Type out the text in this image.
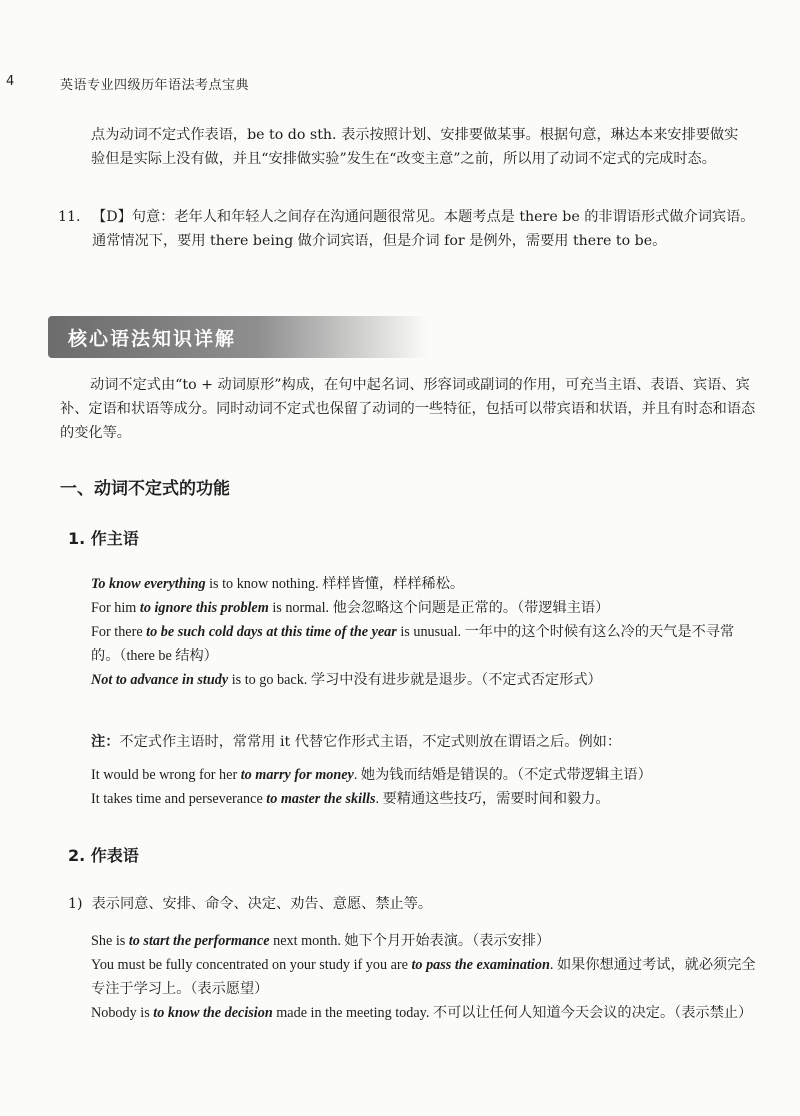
4	英语专业四级历年语法考点宝典
点为动词不定式作表语，be to do sth. 表示按照计划、安排要做某事。根据句意，琳达本来安排要做实验但是实际上没有做，并且“安排做实验”发生在“改变主意”之前，所以用了动词不定式的完成时态。
11. 【D】句意：老年人和年轻人之间存在沟通问题很常见。本题考点是 there be 的非谓语形式做介词宾语。通常情况下，要用 there being 做介词宾语，但是介词 for 是例外，需要用 there to be。
核心语法知识详解
动词不定式由“to + 动词原形”构成，在句中起名词、形容词或副词的作用，可充当主语、表语、宾语、宾补、定语和状语等成分。同时动词不定式也保留了动词的一些特征，包括可以带宾语和状语，并且有时态和语态的变化等。
一、动词不定式的功能
1. 作主语
To know everything is to know nothing. 样样皆懂，样样稀松。
For him to ignore this problem is normal. 他会忽略这个问题是正常的。（带逻辑主语）
For there to be such cold days at this time of the year is unusual. 一年中的这个时候有这么冷的天气是不寻常的。（there be 结构）
Not to advance in study is to go back. 学习中没有进步就是退步。（不定式否定形式）
注：不定式作主语时，常常用 it 代替它作形式主语，不定式则放在谓语之后。例如：
It would be wrong for her to marry for money. 她为钱而结婚是错误的。（不定式带逻辑主语）
It takes time and perseverance to master the skills. 要精通这些技巧，需要时间和毅力。
2. 作表语
1) 表示同意、安排、命令、决定、劝告、意愿、禁止等。
She is to start the performance next month. 她下个月开始表演。（表示安排）
You must be fully concentrated on your study if you are to pass the examination. 如果你想通过考试，就必须完全专注于学习上。（表示愿望）
Nobody is to know the decision made in the meeting today. 不可以让任何人知道今天会议的决定。（表示禁止）
